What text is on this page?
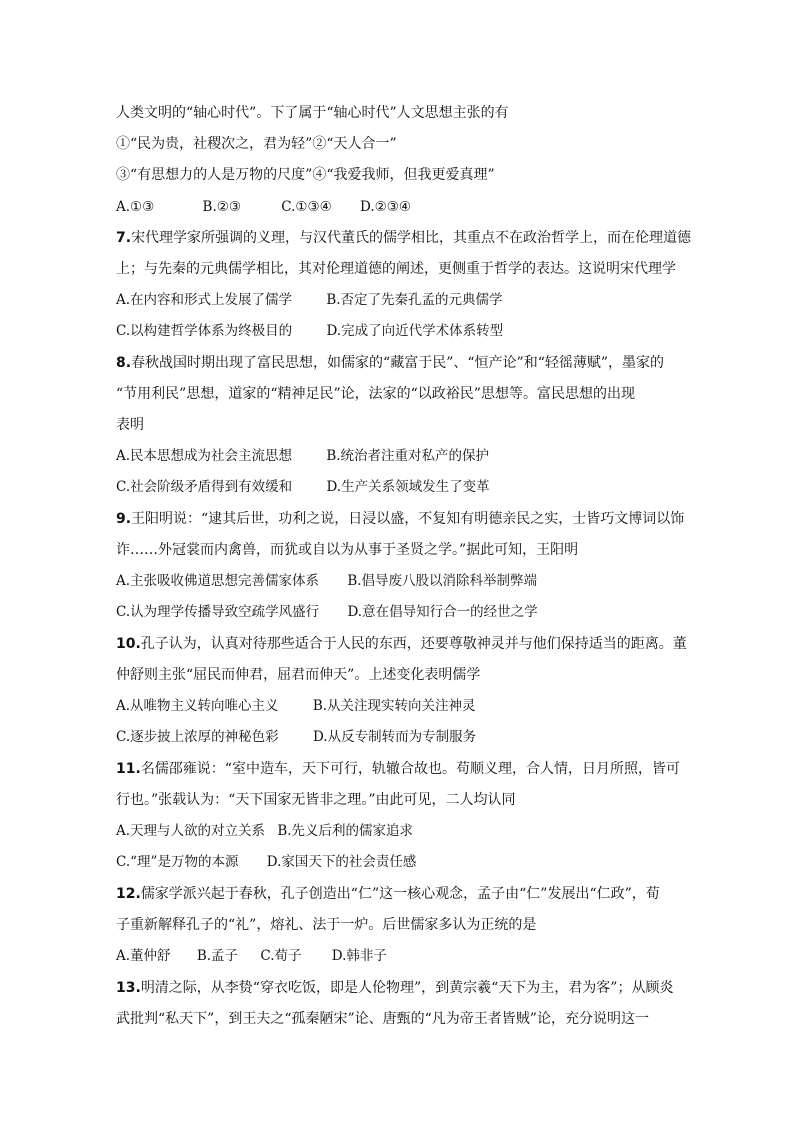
人类文明的“轴心时代”。下了属于“轴心时代”人文思想主张的有
①“民为贵，社稷次之，君为轻”②“天人合一”
③“有思想力的人是万物的尺度”④“我爱我师，但我更爱真理”
A.①③	B.②③	C.①③④ D.②③④
7.宋代理学家所强调的义理，与汉代董氏的儒学相比，其重点不在政治哲学上，而在伦理道德
上；与先秦的元典儒学相比，其对伦理道德的阐述，更侧重于哲学的表达。这说明宋代理学
A.在内容和形式上发展了儒学	B.否定了先秦孔孟的元典儒学
C.以构建哲学体系为终极目的	D.完成了向近代学术体系转型
8.春秋战国时期出现了富民思想，如儒家的“藏富于民”、“恒产论”和“轻徭薄赋”，墨家的
“节用利民”思想，道家的“精神足民”论，法家的“以政裕民”思想等。富民思想的出现
表明
A.民本思想成为社会主流思想	B.统治者注重对私产的保护
C.社会阶级矛盾得到有效缓和	D.生产关系领域发生了变革
9.王阳明说：“逮其后世，功利之说，日浸以盛，不复知有明德亲民之实，士皆巧文博词以饰
诈……外冠裳而内禽兽，而犹或自以为从事于圣贤之学。”据此可知，王阳明
A.主张吸收佛道思想完善儒家体系 B.倡导废八股以消除科举制弊端
C.认为理学传播导致空疏学风盛行 D.意在倡导知行合一的经世之学
10.孔子认为，认真对待那些适合于人民的东西，还要尊敬神灵并与他们保持适当的距离。董
仲舒则主张“屈民而伸君，屈君而伸天”。上述变化表明儒学
A.从唯物主义转向唯心主义	B.从关注现实转向关注神灵
C.逐步披上浓厚的神秘色彩	D.从反专制转而为专制服务
11.名儒邵雍说：“室中造车，天下可行，轨辙合故也。苟顺义理，合人情，日月所照，皆可
行也。”张载认为：“天下国家无皆非之理。”由此可见，二人均认同
A.天理与人欲的对立关系 B.先义后利的儒家追求
C.“理”是万物的本源 D.家国天下的社会责任感
12.儒家学派兴起于春秋，孔子创造出“仁”这一核心观念，孟子由“仁”发展出“仁政”，荀
子重新解释孔子的“礼”，熔礼、法于一炉。后世儒家多认为正统的是
A.董仲舒 B.孟子 C.荀子 D.韩非子
13.明清之际，从李贽“穿衣吃饭，即是人伦物理”，到黄宗羲“天下为主，君为客”；从顾炎
武批判“私天下”，到王夫之“孤秦陋宋”论、唐甄的“凡为帝王者皆贼”论，充分说明这一
